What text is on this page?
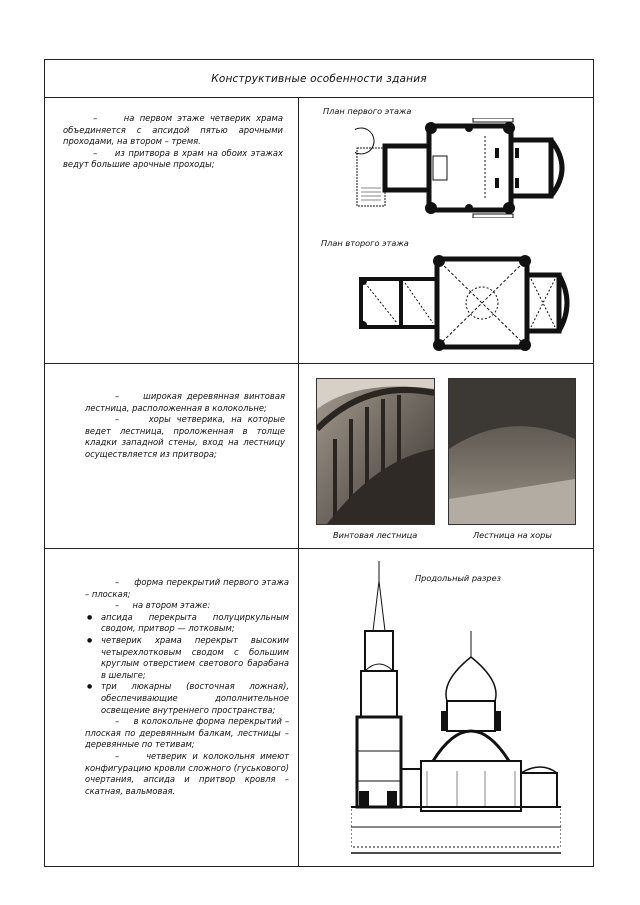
Конструктивные особенности здания

–     на первом этаже четверик храма объединяется с апсидой пятью арочными проходами, на втором – тремя.

–     из притвора в храм на обоих этажах ведут большие арочные проходы;

План первого этажа
План второго этажа

–     широкая деревянная винтовая лестница, расположенная в колокольне;

–     хоры четверика, на которые ведет лестница, проложенная в толще кладки западной стены, вход на лестницу осуществляется из притвора;

Винтовая лестница	Лестница на хоры

–     форма перекрытий первого этажа – плоская;

–     на втором этаже:

● апсида перекрыта полуциркульным сводом, притвор — лотковым;

● четверик храма перекрыт высоким четырехлотковым сводом с большим круглым отверстием светового барабана в шелыге;

● три люкарны (восточная ложная), обеспечивающие дополнительное освещение внутреннего пространства;

–     в колокольне форма перекрытий – плоская по деревянным балкам, лестницы – деревянные по тетивам;

–     четверик и колокольня имеют конфигурацию кровли сложного (гуськового) очертания, апсида и притвор кровля – скатная, вальмовая.

Продольный разрез
